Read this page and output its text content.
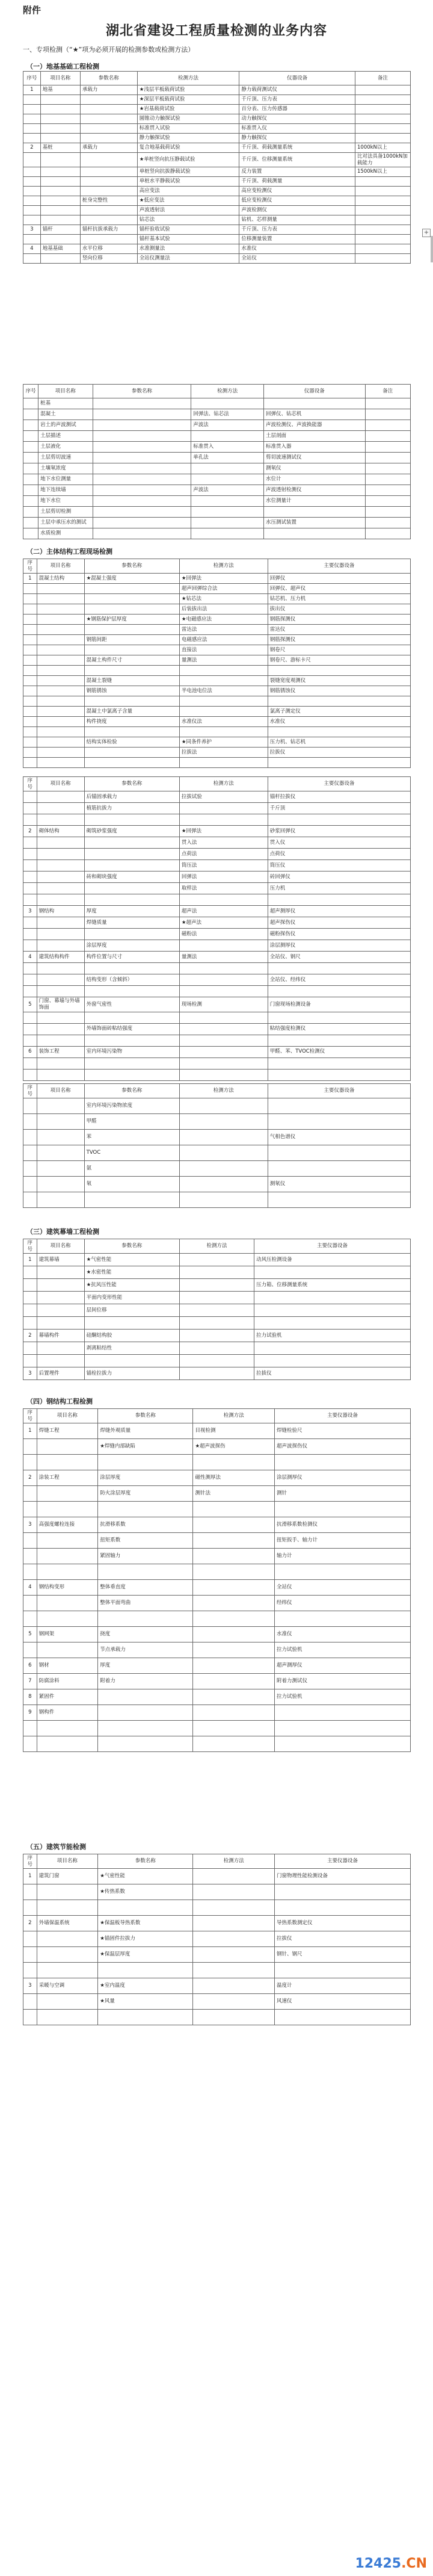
附件
湖北省建设工程质量检测的业务内容
一、专项检测（“★”项为必须开展的检测参数或检测方法）
（一）地基基础工程检测
序号	项目名称	参数名称	检测方法	仪器设备	备注
1	地基	承载力	★浅层平板载荷试验	静力载荷测试仪	
			★深层平板载荷试验	千斤顶、压力表	
			★岩基载荷试验	百分表、压力传感器	
			圆锥动力触探试验	动力触探仪	
			标准贯入试验	标准贯入仪	
			静力触探试验	静力触探仪	
2	基桩	承载力	复合地基载荷试验	千斤顶、荷载测量系统	1000kN以上
			★单桩竖向抗压静载试验	千斤顶、位移测量系统	比对法具备1000kN加载能力
			单桩竖向抗拔静载试验	反力装置	1500kN以上
			单桩水平静载试验	千斤顶、荷载测量	
			高应变法	高应变检测仪	
		桩身完整性	★低应变法	低应变检测仪	
			声波透射法	声波检测仪	
			钻芯法	钻机、芯样测量	
3	锚杆	锚杆抗拔承载力	锚杆验收试验	千斤顶、压力表	
			锚杆基本试验	位移测量装置	
4	地基基础	水平位移	水准测量法	水准仪	
		竖向位移	全站仪测量法	全站仪	
+
序号	项目名称	参数名称	检测方法	仪器设备	备注
	桩基				
	混凝土		回弹法、钻芯法	回弹仪、钻芯机	
	岩土的声波测试		声波法	声波检测仪、声波换能器	
	土层描述			土层剖面	
	土层液化		标准贯入	标准贯入器	
	土层剪切波速		单孔法	剪切波速测试仪	
	土壤氡浓度			测氡仪	
	地下水位测量			水位计	
	地下连续墙		声波法	声波透射检测仪	
	地下水位			水位测量计	
	土层剪切检测				
	土层中承压水的测试			水压测试装置	
	水质检测				
（二）主体结构工程现场检测
序号	项目名称	参数名称	检测方法	主要仪器设备
1	混凝土结构	★混凝土强度	★回弹法	回弹仪
			超声回弹综合法	回弹仪、超声仪
			★钻芯法	钻芯机、压力机
			后装拔出法	拔出仪
		★钢筋保护层厚度	★电磁感应法	钢筋探测仪
			雷达法	雷达仪
		钢筋间距	电磁感应法	钢筋探测仪
			直接法	钢卷尺
		混凝土构件尺寸	量测法	钢卷尺、游标卡尺

		混凝土裂缝		裂缝宽度观测仪
		钢筋锈蚀	半电池电位法	钢筋锈蚀仪

		混凝土中氯离子含量		氯离子测定仪
		构件挠度	水准仪法	水准仪

		结构实体检验	★同条件养护	压力机、钻芯机
			拉拔法	拉拔仪

序号	项目名称	参数名称	检测方法	主要仪器设备
		后锚固承载力	拉拔试验	锚杆拉拔仪
		植筋抗拔力		千斤顶

2	砌体结构	砌筑砂浆强度	★回弹法	砂浆回弹仪
			贯入法	贯入仪
			点荷法	点荷仪
			筒压法	筒压仪
		砖和砌块强度	回弹法	砖回弹仪
			取样法	压力机

3	钢结构	厚度	超声法	超声测厚仪
		焊缝质量	★超声法	超声探伤仪
			磁粉法	磁粉探伤仪
		涂层厚度		涂层测厚仪
4	建筑结构构件	构件位置与尺寸	量测法	全站仪、钢尺

		结构变形（含倾斜）		全站仪、经纬仪

5	门窗、幕墙与外墙饰面	外窗气密性	现场检测	门窗现场检测设备

		外墙饰面砖粘结强度		粘结强度检测仪

6	装饰工程	室内环境污染物		甲醛、苯、TVOC检测仪

序号	项目名称	参数名称	检测方法	主要仪器设备
		室内环境污染物浓度		
		甲醛		
		苯		气相色谱仪
		TVOC		
		氨		
		氡		测氡仪

（三）建筑幕墙工程检测
序号	项目名称	参数名称	检测方法	主要仪器设备
1	建筑幕墙	★气密性能		动风压检测设备
		★水密性能		
		★抗风压性能		压力箱、位移测量系统
		平面内变形性能		
		层间位移		

2	幕墙构件	硅酮结构胶		拉力试验机
		剥离粘结性		

3	后置埋件	锚栓拉拔力		拉拔仪
（四）钢结构工程检测
序号	项目名称	参数名称	检测方法	主要仪器设备
1	焊缝工程	焊缝外观质量	目视检测	焊缝检验尺
		★焊缝内部缺陷	★超声波探伤	超声波探伤仪

2	涂装工程	涂层厚度	磁性测厚法	涂层测厚仪
		防火涂层厚度	测针法	测针

3	高强度螺栓连接	抗滑移系数		抗滑移系数检测仪
		扭矩系数		扭矩扳手、轴力计
		紧固轴力		轴力计

4	钢结构变形	整体垂直度		全站仪
		整体平面弯曲		经纬仪

5	钢网架	挠度		水准仪
		节点承载力		拉力试验机
6	钢材	厚度		超声测厚仪
7	防腐涂料	附着力		附着力测试仪
8	紧固件			拉力试验机
9	钢构件			

（五）建筑节能检测
序号	项目名称	参数名称	检测方法	主要仪器设备
1	建筑门窗	★气密性能		门窗物理性能检测设备
		★传热系数		

2	外墙保温系统	★保温板导热系数		导热系数测定仪
		★锚固件拉拔力		拉拔仪
		★保温层厚度		钢针、钢尺

3	采暖与空调	★室内温度		温度计
		★风量		风速仪

12425.CN
